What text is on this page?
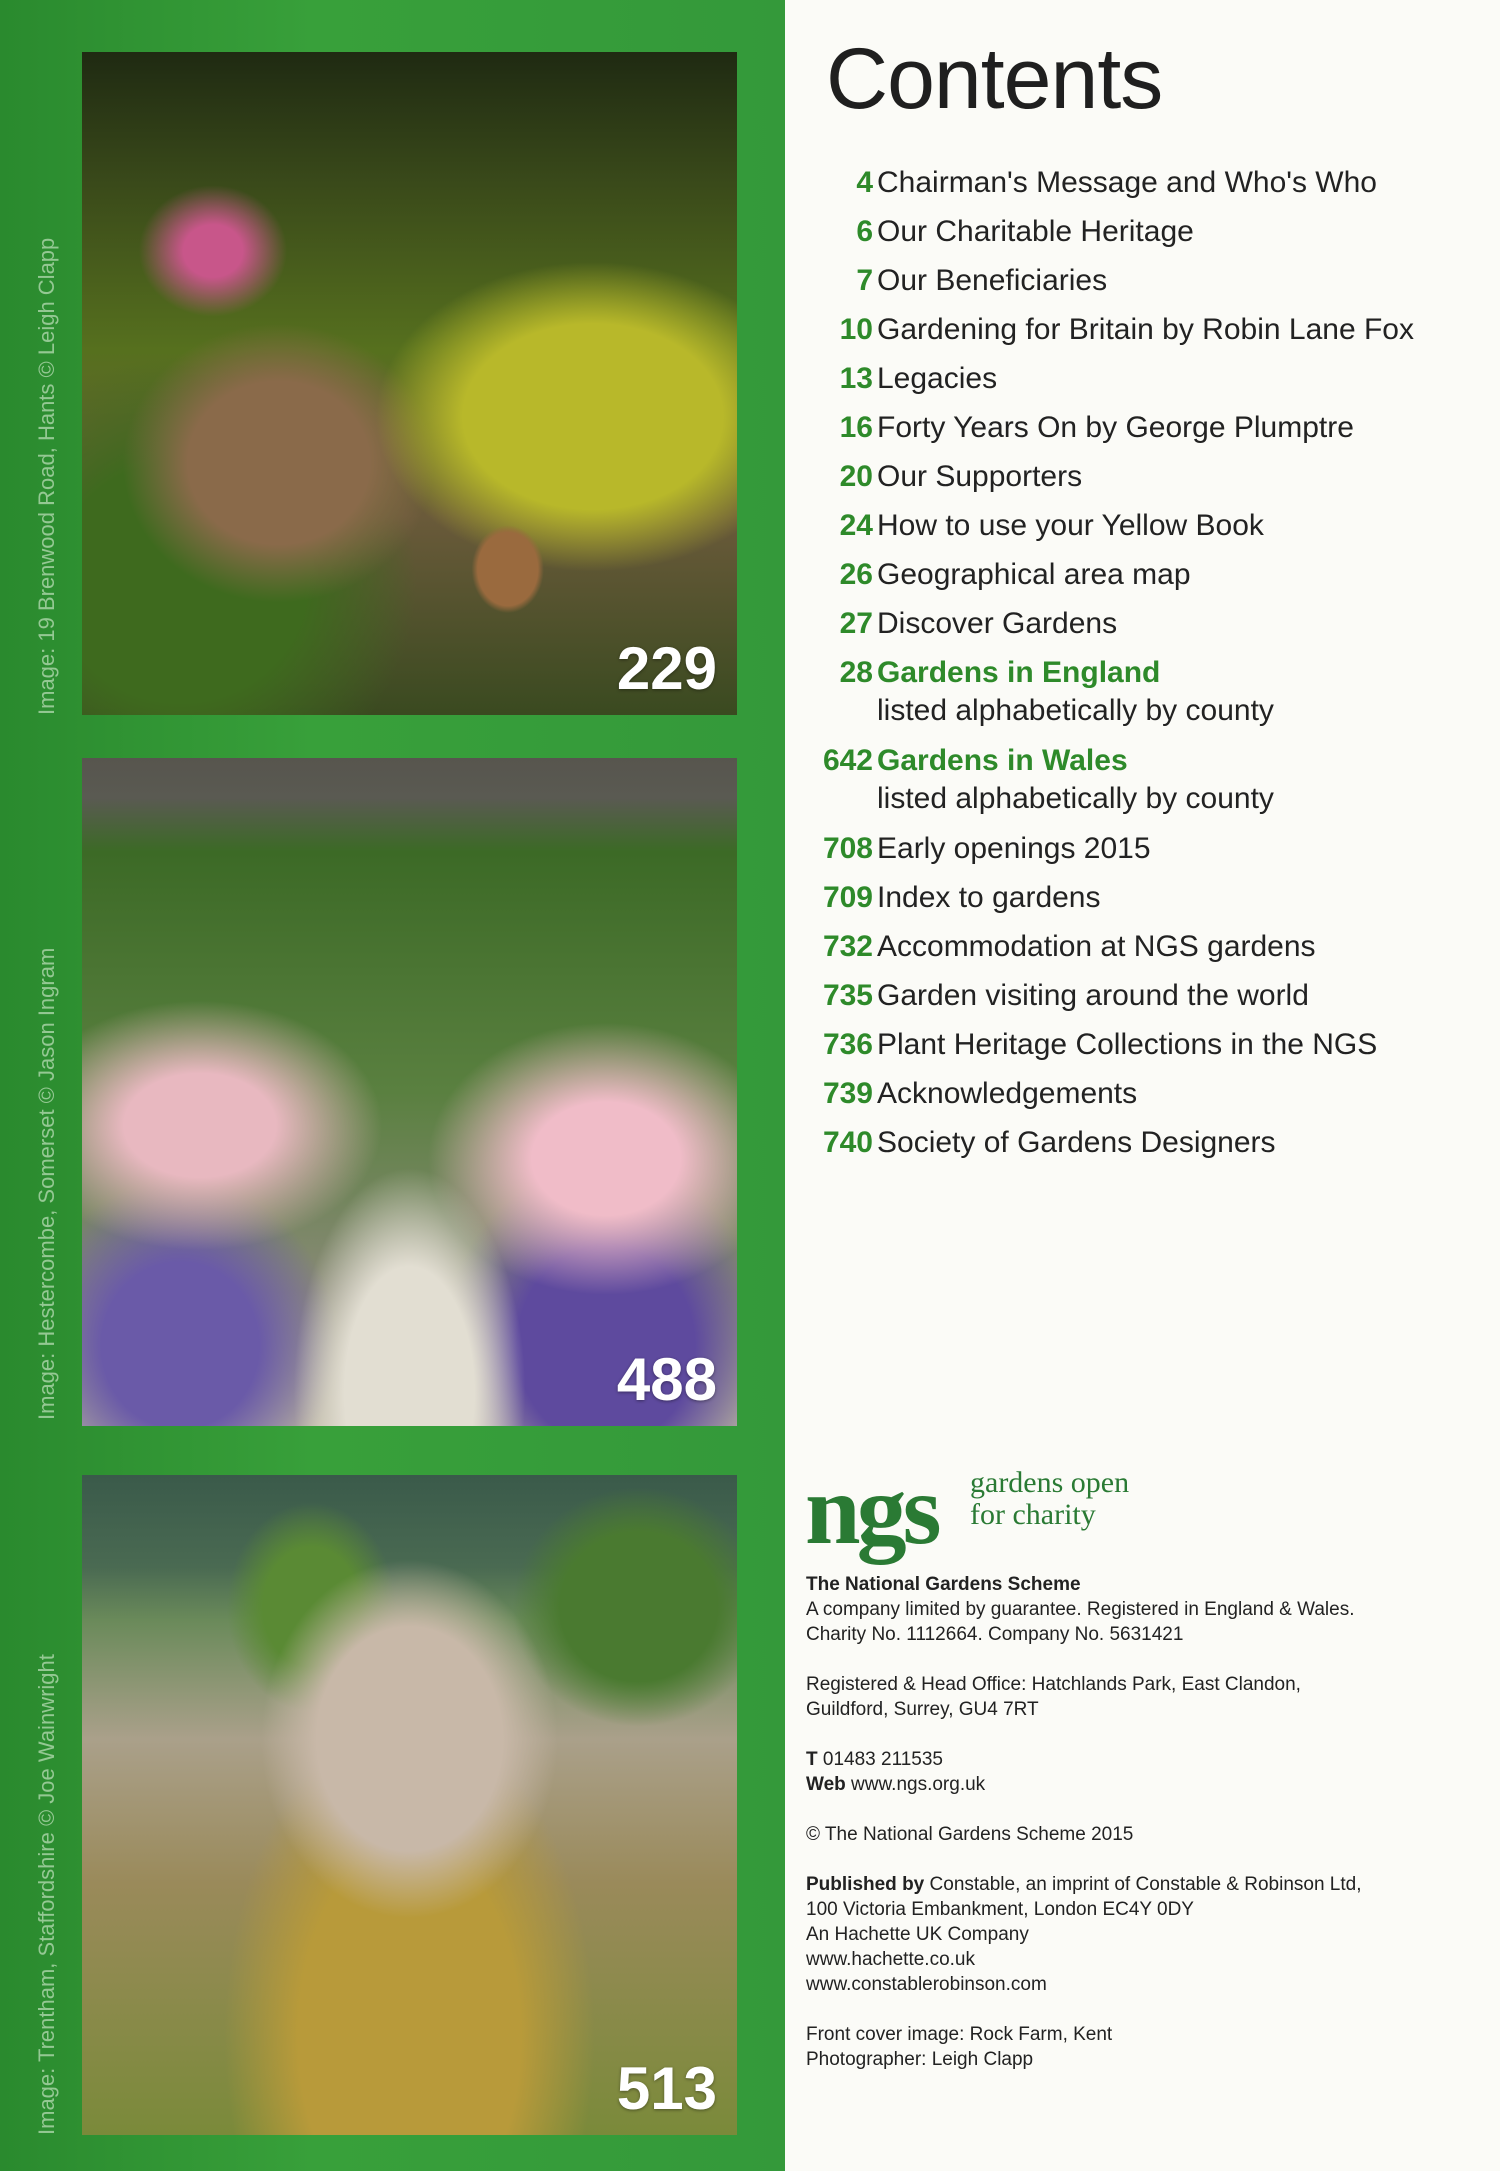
229
488
513
Image: 19 Brenwood Road, Hants © Leigh Clapp
Image: Hestercombe, Somerset © Jason Ingram
Image: Trentham, Staffordshire © Joe Wainwright
Contents
4 Chairman's Message and Who's Who
6 Our Charitable Heritage
7 Our Beneficiaries
10 Gardening for Britain by Robin Lane Fox
13 Legacies
16 Forty Years On by George Plumptre
20 Our Supporters
24 How to use your Yellow Book
26 Geographical area map
27 Discover Gardens
28 Gardens in England
listed alphabetically by county
642 Gardens in Wales
listed alphabetically by county
708 Early openings 2015
709 Index to gardens
732 Accommodation at NGS gardens
735 Garden visiting around the world
736 Plant Heritage Collections in the NGS
739 Acknowledgements
740 Society of Gardens Designers
ngs gardens open
for charity

The National Gardens Scheme

A company limited by guarantee. Registered in England & Wales.

Charity No. 1112664. Company No. 5631421

Registered & Head Office: Hatchlands Park, East Clandon,

Guildford, Surrey, GU4 7RT

T 01483 211535

Web www.ngs.org.uk

© The National Gardens Scheme 2015

Published by Constable, an imprint of Constable & Robinson Ltd,

100 Victoria Embankment, London EC4Y 0DY

An Hachette UK Company

www.hachette.co.uk

www.constablerobinson.com

Front cover image: Rock Farm, Kent

Photographer: Leigh Clapp
